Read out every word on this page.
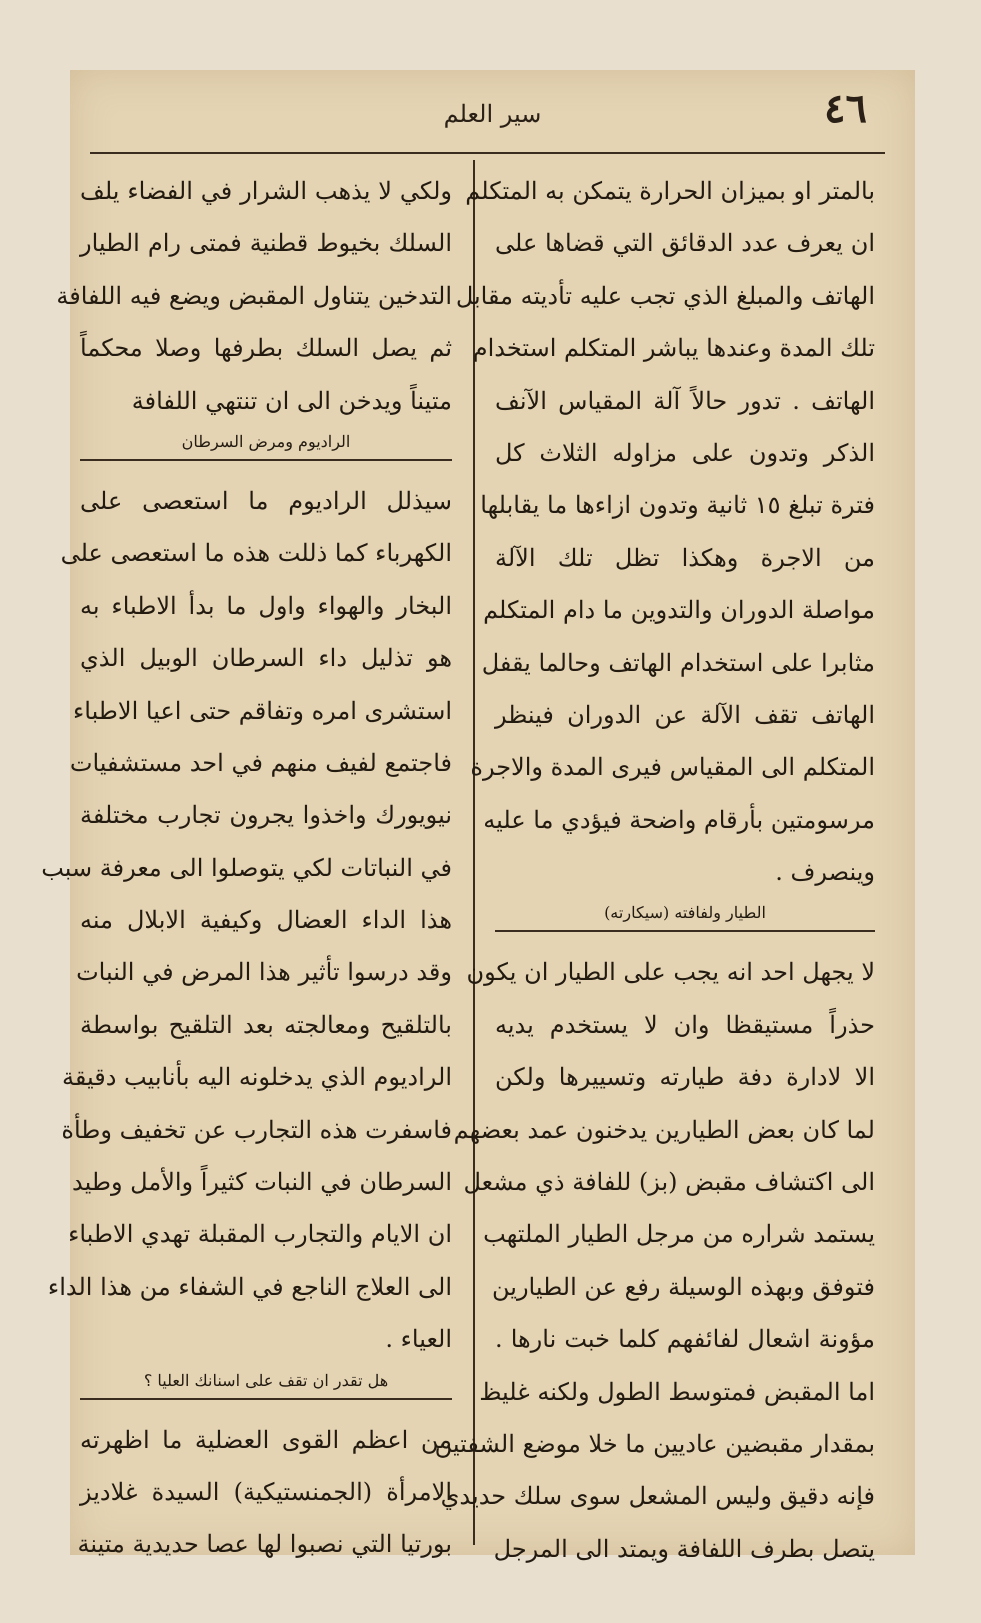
٤٦
سير العلم
بالمتر او بميزان الحرارة يتمكن به المتكلم
ان يعرف عدد الدقائق التي قضاها على
الهاتف والمبلغ الذي تجب عليه تأديته مقابل
تلك المدة وعندها يباشر المتكلم استخدام
الهاتف . تدور حالاً آلة المقياس الآنف
الذكر وتدون على مزاوله الثلاث كل
فترة تبلغ ١٥ ثانية وتدون ازاءها ما يقابلها
من الاجرة وهكذا تظل تلك الآلة
مواصلة الدوران والتدوين ما دام المتكلم
مثابرا على استخدام الهاتف وحالما يقفل
الهاتف تقف الآلة عن الدوران فينظر
المتكلم الى المقياس فيرى المدة والاجرة
مرسومتين بأرقام واضحة فيؤدي ما عليه
وينصرف .
الطيار ولفافته (سيكارته)
لا يجهل احد انه يجب على الطيار ان يكون
حذراً مستيقظا وان لا يستخدم يديه
الا لادارة دفة طيارته وتسييرها ولكن
لما كان بعض الطيارين يدخنون عمد بعضهم
الى اكتشاف مقبض (بز) للفافة ذي مشعل
يستمد شراره من مرجل الطيار الملتهب
فتوفق وبهذه الوسيلة رفع عن الطيارين
مؤونة اشعال لفائفهم كلما خبت نارها .
اما المقبض فمتوسط الطول ولكنه غليظ
بمقدار مقبضين عاديين ما خلا موضع الشفتين
فإنه دقيق وليس المشعل سوى سلك حديدي
يتصل بطرف اللفافة ويمتد الى المرجل
ولكي لا يذهب الشرار في الفضاء يلف
السلك بخيوط قطنية فمتى رام الطيار
التدخين يتناول المقبض ويضع فيه اللفافة
ثم يصل السلك بطرفها وصلا محكماً
متيناً ويدخن الى ان تنتهي اللفافة
الراديوم ومرض السرطان
سيذلل الراديوم ما استعصى على
الكهرباء كما ذللت هذه ما استعصى على
البخار والهواء واول ما بدأ الاطباء به
هو تذليل داء السرطان الوبيل الذي
استشرى امره وتفاقم حتى اعيا الاطباء
فاجتمع لفيف منهم في احد مستشفيات
نيويورك واخذوا يجرون تجارب مختلفة
في النباتات لكي يتوصلوا الى معرفة سبب
هذا الداء العضال وكيفية الابلال منه
وقد درسوا تأثير هذا المرض في النبات
بالتلقيح ومعالجته بعد التلقيح بواسطة
الراديوم الذي يدخلونه اليه بأنابيب دقيقة
فاسفرت هذه التجارب عن تخفيف وطأة
السرطان في النبات كثيراً والأمل وطيد
ان الايام والتجارب المقبلة تهدي الاطباء
الى العلاج الناجع في الشفاء من هذا الداء
العياء .
هل تقدر ان تقف على اسنانك العليا ؟
من اعظم القوى العضلية ما اظهرته
الامرأة (الجمنستيكية) السيدة غلاديز
بورتيا التي نصبوا لها عصا حديدية متينة
